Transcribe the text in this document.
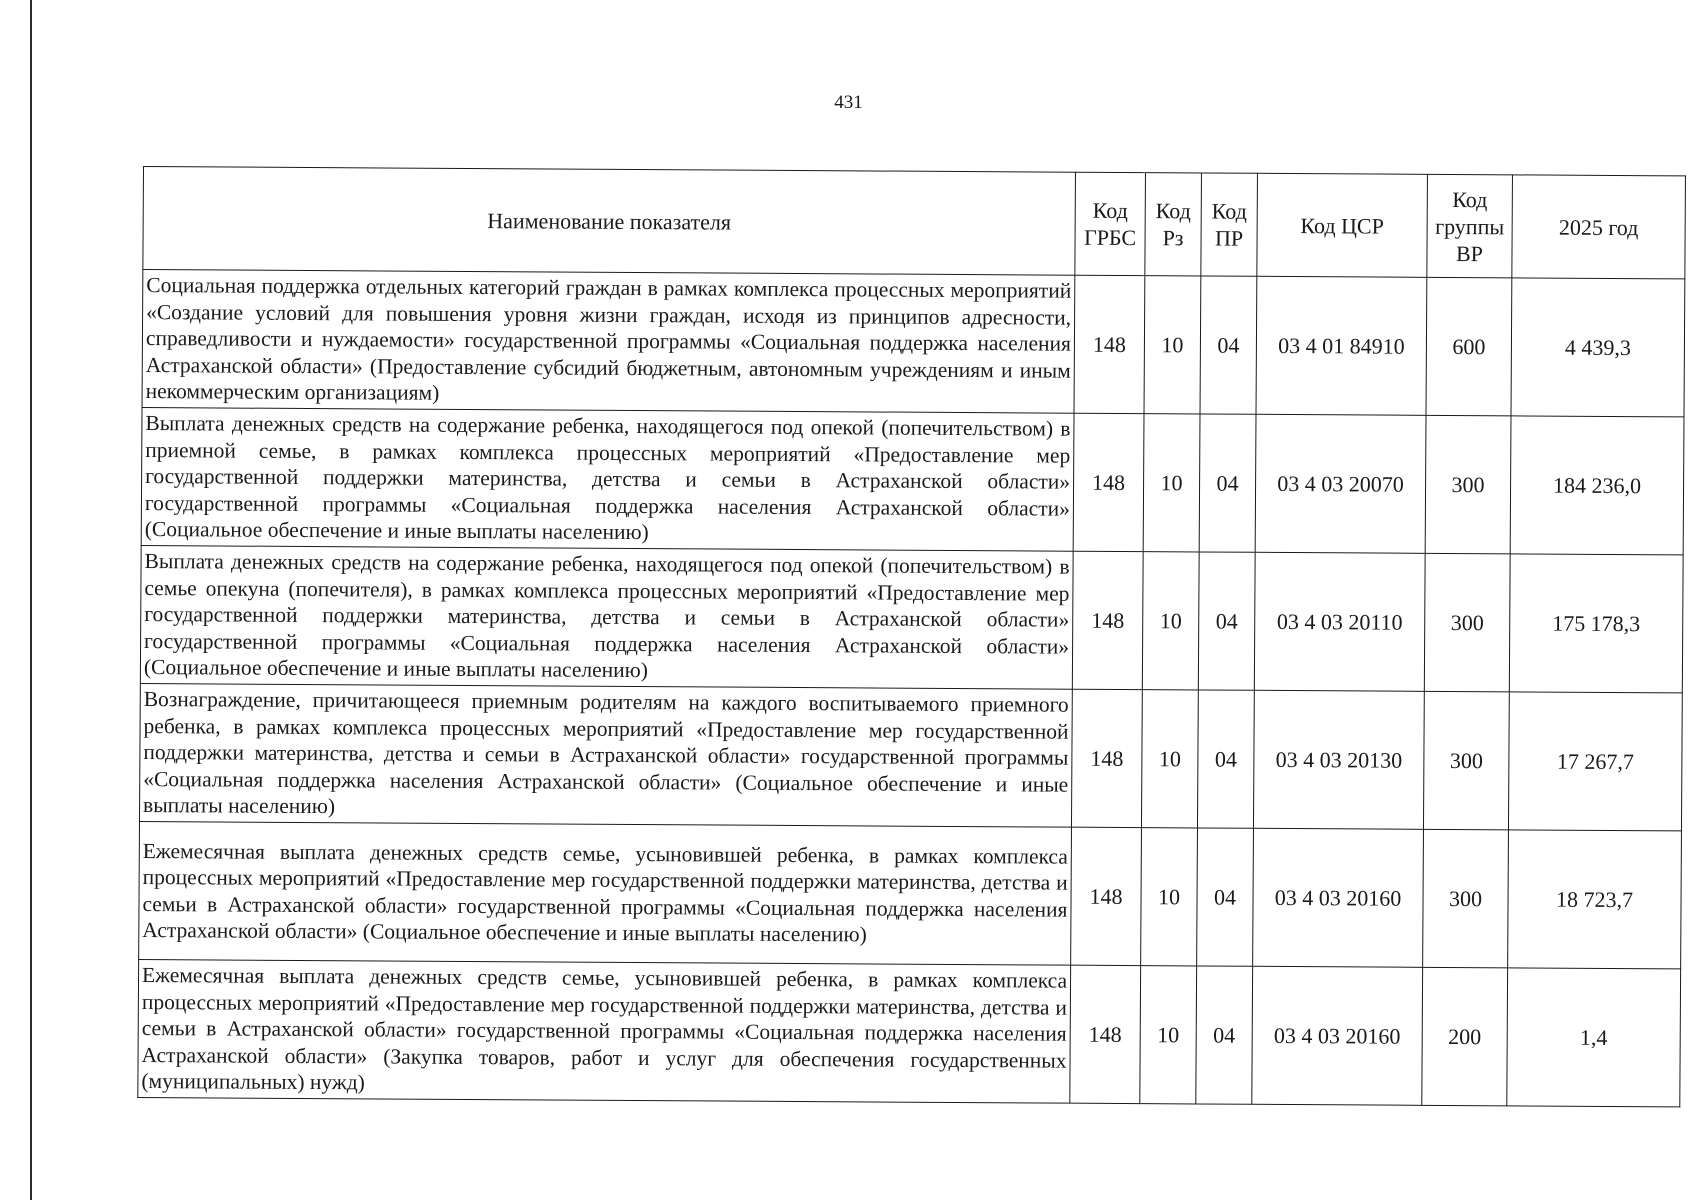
431
Наименование показателя	Код ГРБС	Код Рз	Код ПР	Код ЦСР	Код группы ВР	2025 год
Социальная поддержка отдельных категорий граждан в рамках комплекса процессных мероприятий «Создание условий для повышения уровня жизни граждан, исходя из принципов адресности, справедливости и нуждаемости» государственной программы «Социальная поддержка населения Астраханской области» (Предоставление субсидий бюджетным, автономным учреждениям и иным некоммерческим организациям)	148	10	04	03 4 01 84910	600	4 439,3
Выплата денежных средств на содержание ребенка, находящегося под опекой (попечительством) в приемной семье, в рамках комплекса процессных мероприятий «Предоставление мер государственной поддержки материнства, детства и семьи в Астраханской области» государственной программы «Социальная поддержка населения Астраханской области» (Социальное обеспечение и иные выплаты населению)	148	10	04	03 4 03 20070	300	184 236,0
Выплата денежных средств на содержание ребенка, находящегося под опекой (попечительством) в семье опекуна (попечителя), в рамках комплекса процессных мероприятий «Предоставление мер государственной поддержки материнства, детства и семьи в Астраханской области» государственной программы «Социальная поддержка населения Астраханской области» (Социальное обеспечение и иные выплаты населению)	148	10	04	03 4 03 20110	300	175 178,3
Вознаграждение, причитающееся приемным родителям на каждого воспитываемого приемного ребенка, в рамках комплекса процессных мероприятий «Предоставление мер государственной поддержки материнства, детства и семьи в Астраханской области» государственной программы «Социальная поддержка населения Астраханской области» (Социальное обеспечение и иные выплаты населению)	148	10	04	03 4 03 20130	300	17 267,7
Ежемесячная выплата денежных средств семье, усыновившей ребенка, в рамках комплекса процессных мероприятий «Предоставление мер государственной поддержки материнства, детства и семьи в Астраханской области» государственной программы «Социальная поддержка населения Астраханской области» (Социальное обеспечение и иные выплаты населению)	148	10	04	03 4 03 20160	300	18 723,7
Ежемесячная выплата денежных средств семье, усыновившей ребенка, в рамках комплекса процессных мероприятий «Предоставление мер государственной поддержки материнства, детства и семьи в Астраханской области» государственной программы «Социальная поддержка населения Астраханской области» (Закупка товаров, работ и услуг для обеспечения государственных (муниципальных) нужд)	148	10	04	03 4 03 20160	200	1,4
